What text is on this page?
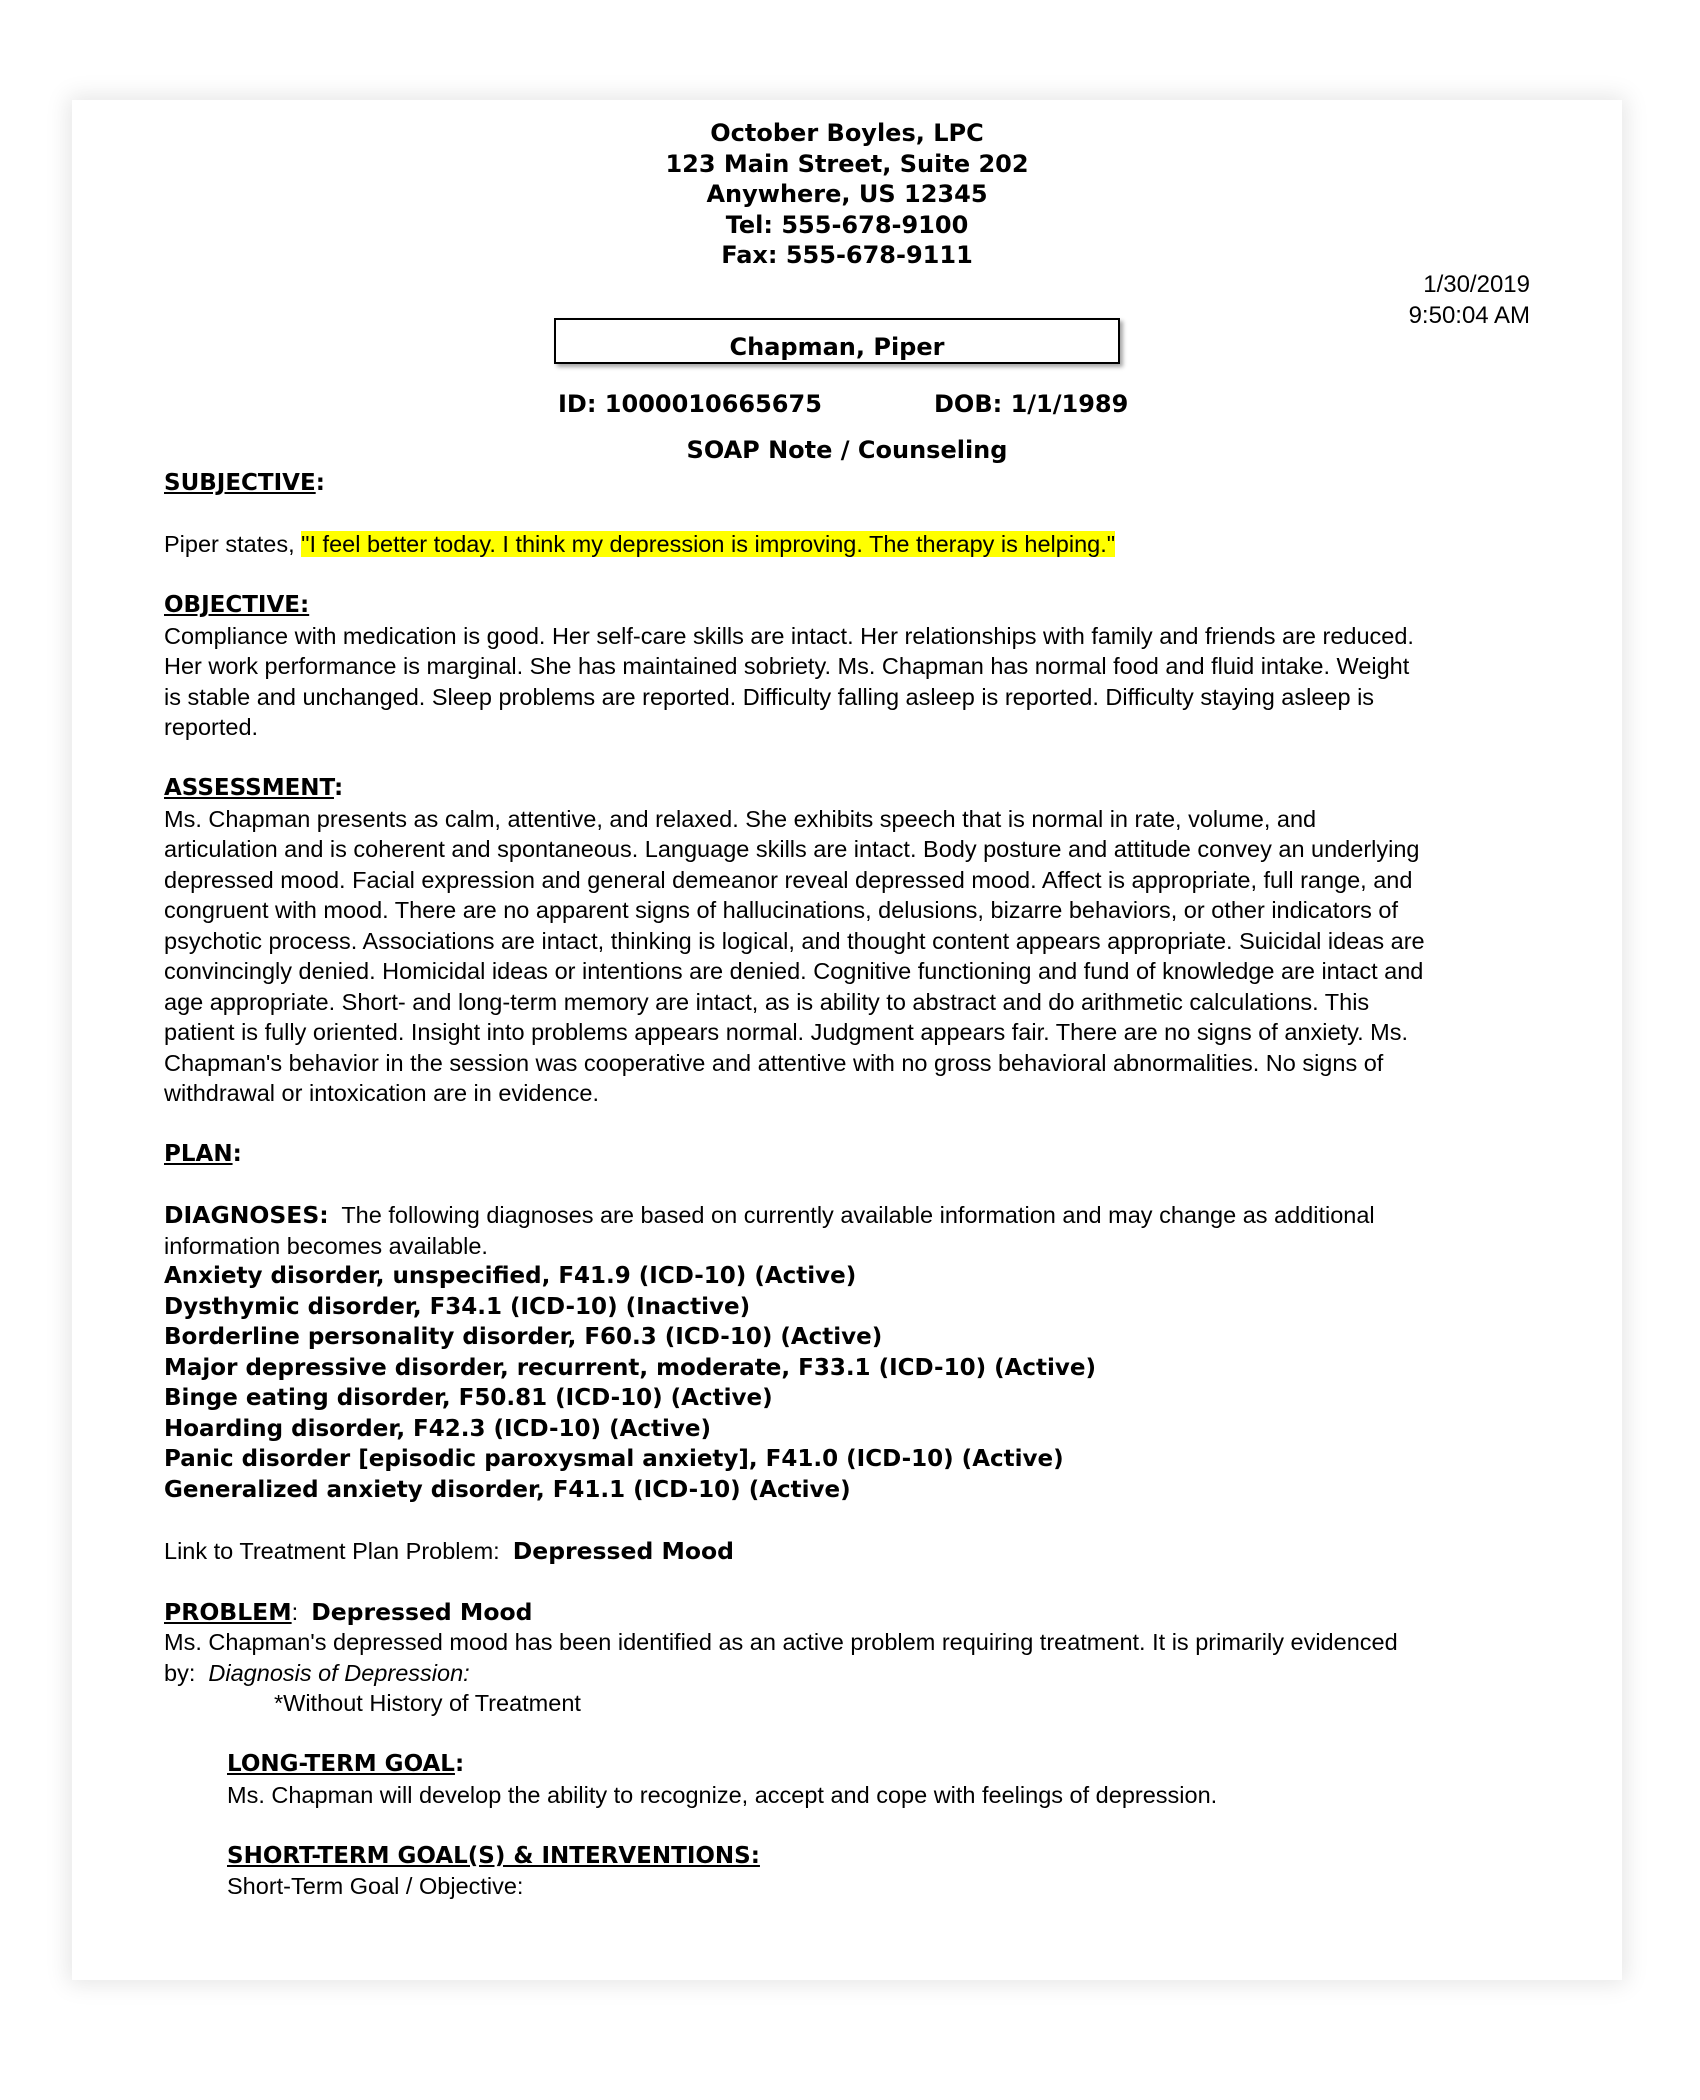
October Boyles, LPC
123 Main Street, Suite 202
Anywhere, US 12345
Tel: 555-678-9100
Fax: 555-678-9111
1/30/2019
9:50:04 AM
Chapman, Piper
ID: 1000010665675	DOB: 1/1/1989
SOAP Note / Counseling
SUBJECTIVE:
Piper states, "I feel better today. I think my depression is improving. The therapy is helping."
OBJECTIVE:
Compliance with medication is good. Her self-care skills are intact. Her relationships with family and friends are reduced.
Her work performance is marginal. She has maintained sobriety. Ms. Chapman has normal food and fluid intake. Weight
is stable and unchanged. Sleep problems are reported. Difficulty falling asleep is reported. Difficulty staying asleep is
reported.
ASSESSMENT:
Ms. Chapman presents as calm, attentive, and relaxed. She exhibits speech that is normal in rate, volume, and
articulation and is coherent and spontaneous. Language skills are intact. Body posture and attitude convey an underlying
depressed mood. Facial expression and general demeanor reveal depressed mood. Affect is appropriate, full range, and
congruent with mood. There are no apparent signs of hallucinations, delusions, bizarre behaviors, or other indicators of
psychotic process. Associations are intact, thinking is logical, and thought content appears appropriate. Suicidal ideas are
convincingly denied. Homicidal ideas or intentions are denied. Cognitive functioning and fund of knowledge are intact and
age appropriate. Short- and long-term memory are intact, as is ability to abstract and do arithmetic calculations. This
patient is fully oriented. Insight into problems appears normal. Judgment appears fair. There are no signs of anxiety. Ms.
Chapman's behavior in the session was cooperative and attentive with no gross behavioral abnormalities. No signs of
withdrawal or intoxication are in evidence.
PLAN:
DIAGNOSES:  The following diagnoses are based on currently available information and may change as additional
information becomes available.
Anxiety disorder, unspecified, F41.9 (ICD-10) (Active)
Dysthymic disorder, F34.1 (ICD-10) (Inactive)
Borderline personality disorder, F60.3 (ICD-10) (Active)
Major depressive disorder, recurrent, moderate, F33.1 (ICD-10) (Active)
Binge eating disorder, F50.81 (ICD-10) (Active)
Hoarding disorder, F42.3 (ICD-10) (Active)
Panic disorder [episodic paroxysmal anxiety], F41.0 (ICD-10) (Active)
Generalized anxiety disorder, F41.1 (ICD-10) (Active)
Link to Treatment Plan Problem:  Depressed Mood
PROBLEM:  Depressed Mood
Ms. Chapman's depressed mood has been identified as an active problem requiring treatment. It is primarily evidenced
by:  Diagnosis of Depression:
*Without History of Treatment
LONG-TERM GOAL:
Ms. Chapman will develop the ability to recognize, accept and cope with feelings of depression.
SHORT-TERM GOAL(S) & INTERVENTIONS:
Short-Term Goal / Objective:
